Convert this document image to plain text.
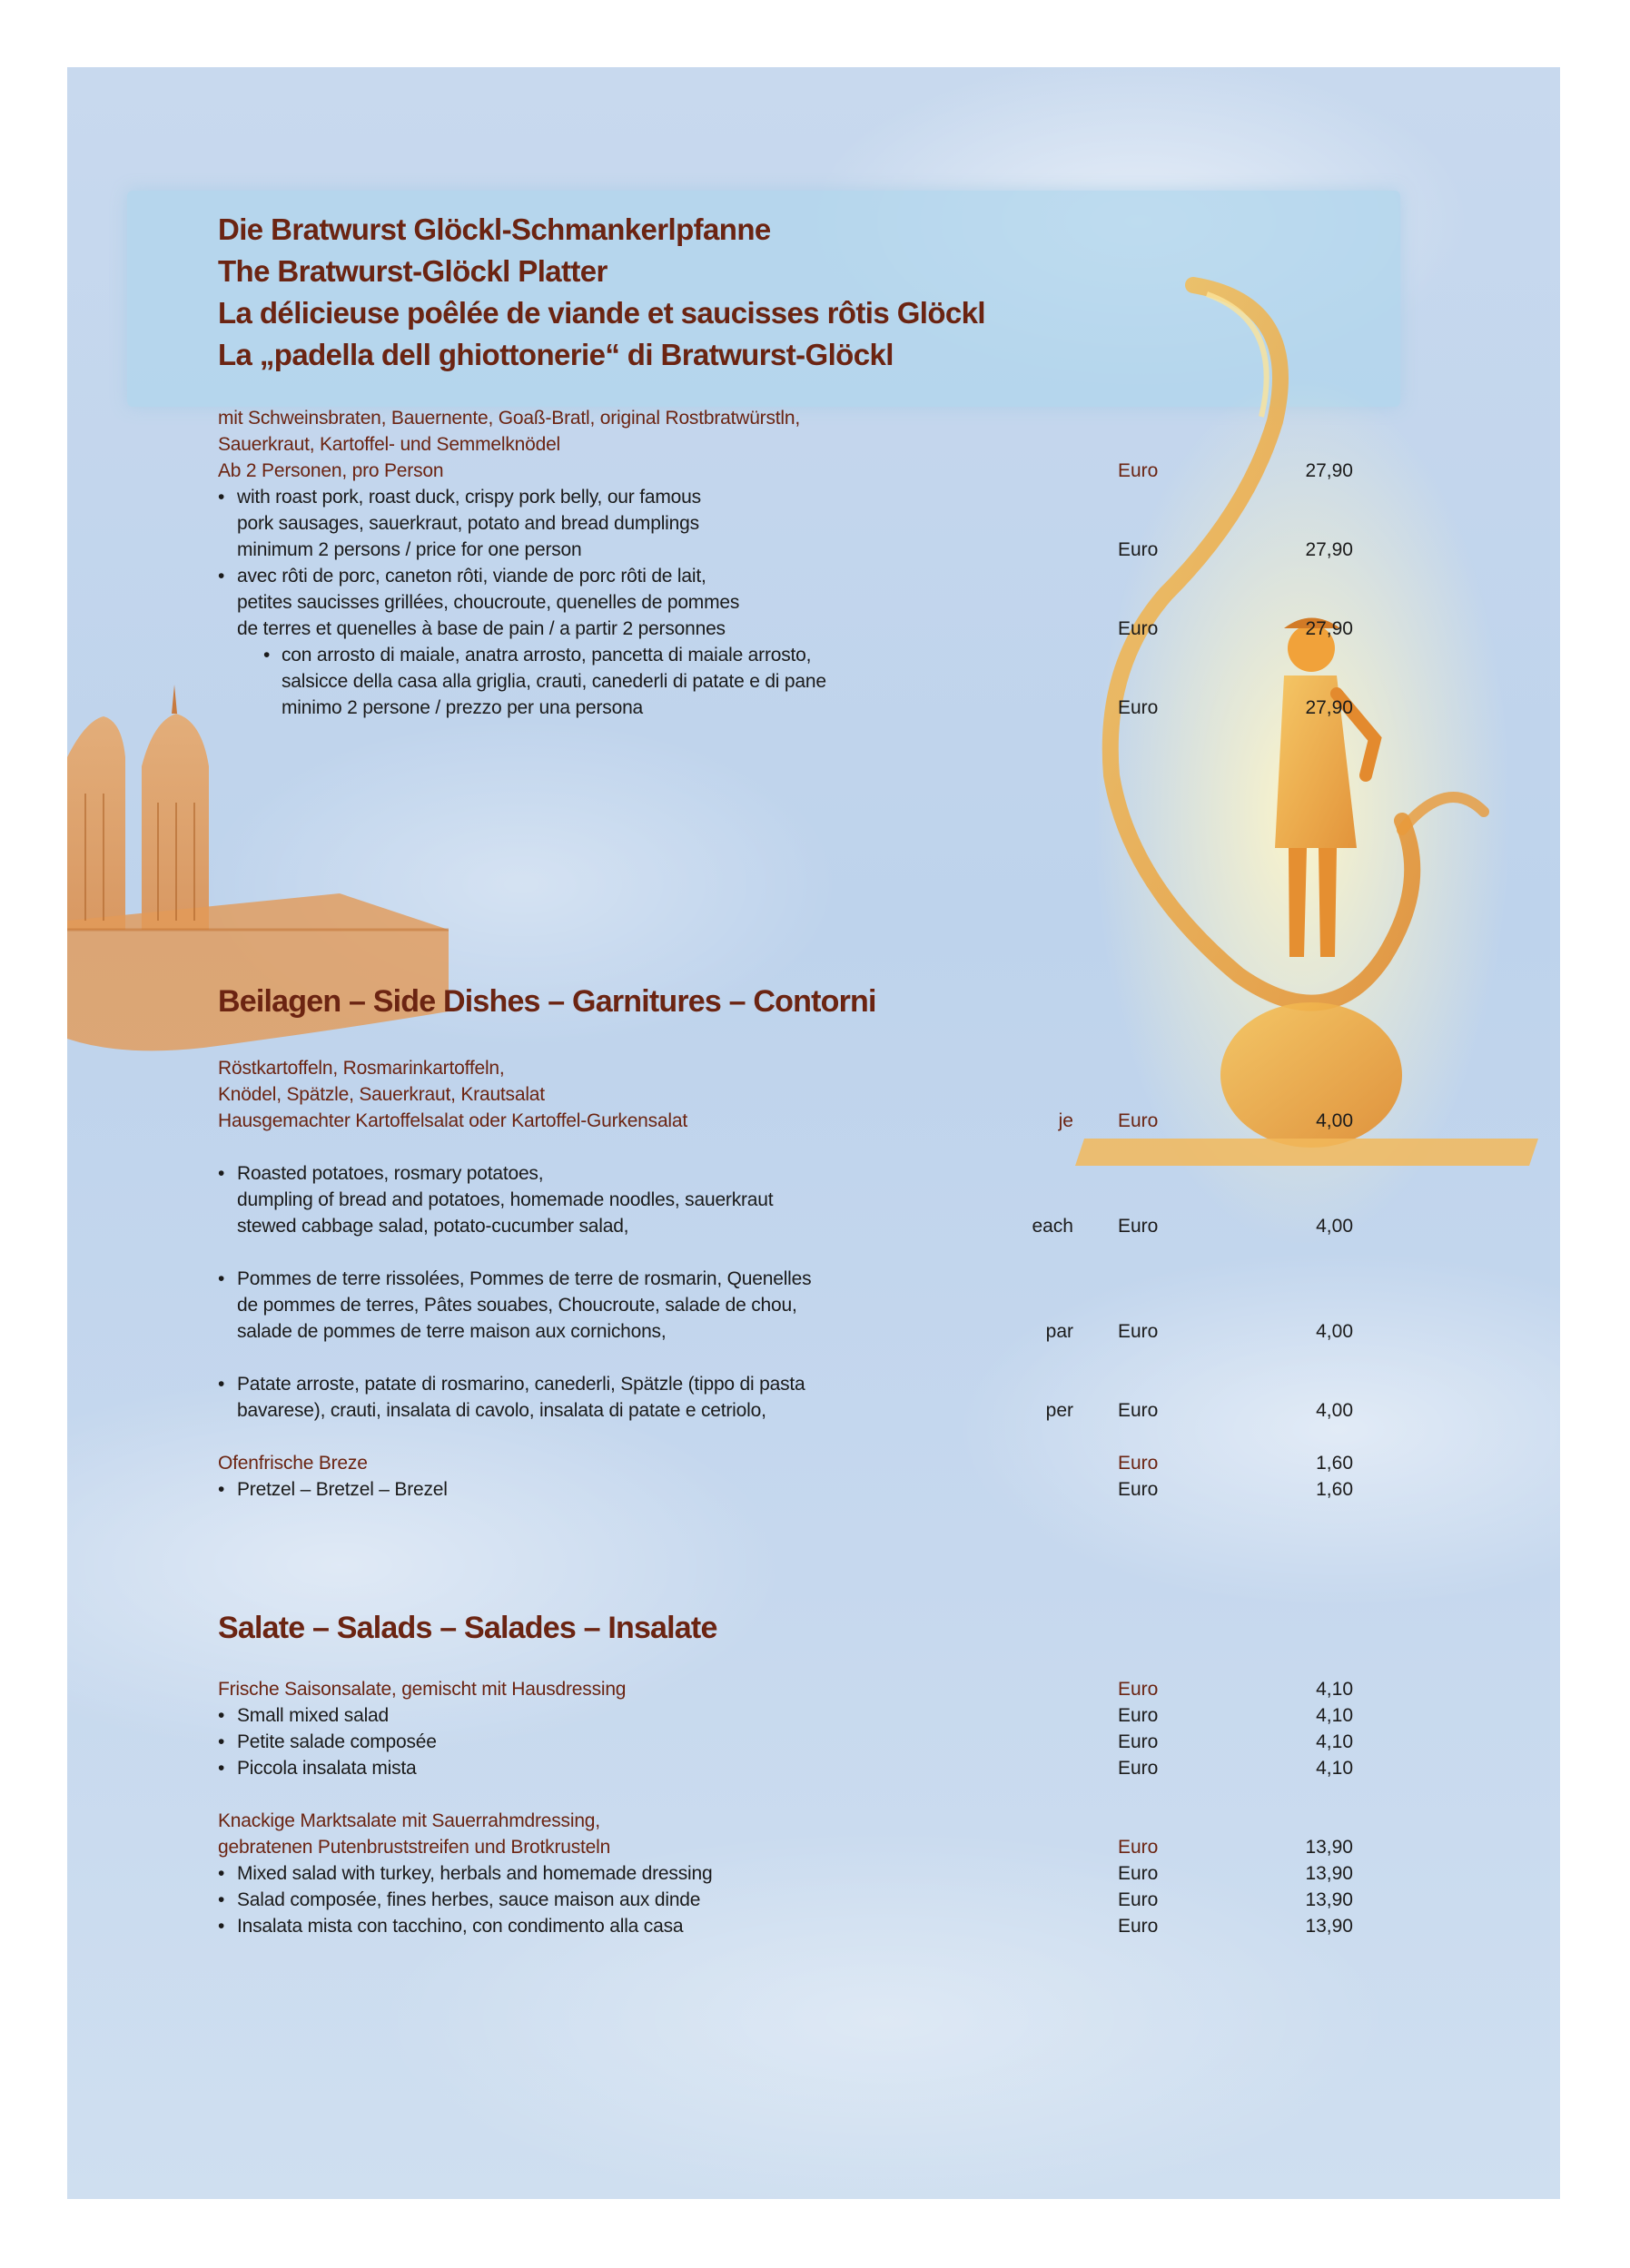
Die Bratwurst Glöckl-Schmankerlpfanne
The Bratwurst-Glöckl Platter
La délicieuse poêlée de viande et saucisses rôtis Glöckl
La „padella dell ghiottonerie“ di Bratwurst-Glöckl
mit Schweinsbraten, Bauernente, Goaß-Bratl, original Rostbratwürstln,
Sauerkraut, Kartoffel- und Semmelknödel
Ab 2 Personen, pro Person	Euro	27,90
• with roast pork, roast duck, crispy pork belly, our famous
pork sausages, sauerkraut, potato and bread dumplings
minimum 2 persons / price for one person	Euro	27,90
• avec rôti de porc, caneton rôti, viande de porc rôti de lait,
petites saucisses grillées, choucroute, quenelles de pommes
de terres et quenelles à base de pain / a partir 2 personnes	Euro	27,90
• con arrosto di maiale, anatra arrosto, pancetta di maiale arrosto,
salsicce della casa alla griglia, crauti, canederli di patate e di pane
minimo 2 persone / prezzo per una persona	Euro	27,90
Beilagen – Side Dishes – Garnitures – Contorni
Röstkartoffeln, Rosmarinkartoffeln,
Knödel, Spätzle, Sauerkraut, Krautsalat
Hausgemachter Kartoffelsalat oder Kartoffel-Gurkensalat	je Euro	4,00
• Roasted potatoes, rosmary potatoes,
dumpling of bread and potatoes, homemade noodles, sauerkraut
stewed cabbage salad, potato-cucumber salad,	each Euro	4,00
• Pommes de terre rissolées, Pommes de terre de rosmarin, Quenelles
de pommes de terres, Pâtes souabes, Choucroute, salade de chou,
salade de pommes de terre maison aux cornichons,	par Euro	4,00
• Patate arroste, patate di rosmarino, canederli, Spätzle (tippo di pasta
bavarese), crauti, insalata di cavolo, insalata di patate e cetriolo,	per Euro	4,00
Ofenfrische Breze	Euro	1,60
• Pretzel – Bretzel – Brezel	Euro	1,60
Salate – Salads – Salades – Insalate
Frische Saisonsalate, gemischt mit Hausdressing	Euro	4,10
• Small mixed salad	Euro	4,10
• Petite salade composée	Euro	4,10
• Piccola insalata mista	Euro	4,10
Knackige Marktsalate mit Sauerrahmdressing,
gebratenen Putenbruststreifen und Brotkrusteln	Euro	13,90
• Mixed salad with turkey, herbals and homemade dressing	Euro	13,90
• Salad composée, fines herbes, sauce maison aux dinde	Euro	13,90
• Insalata mista con tacchino, con condimento alla casa	Euro	13,90
